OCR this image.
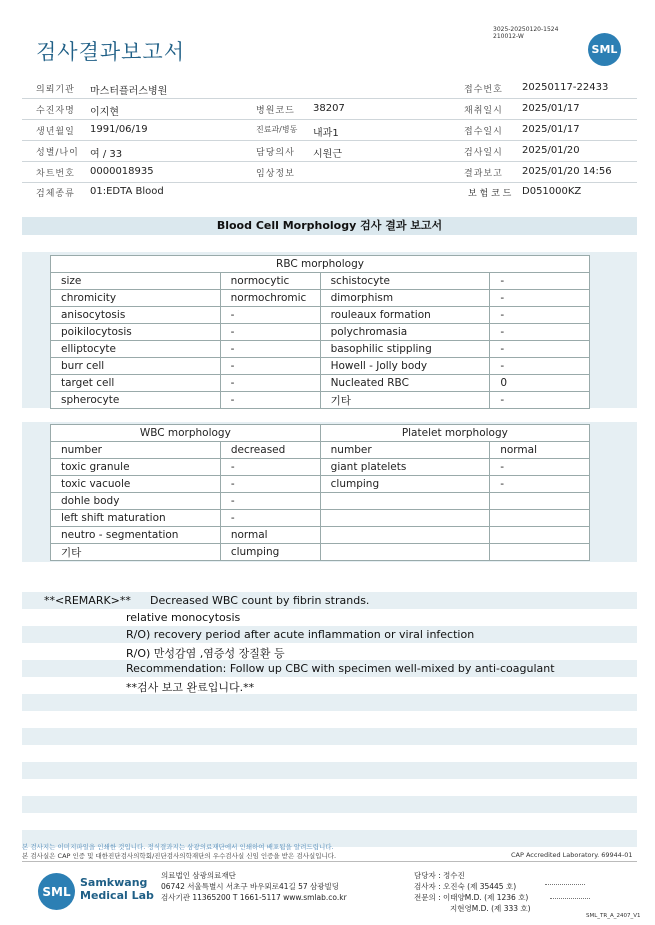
검사결과보고서
3025-20250120-1524
210012-W
SML
의뢰기관 마스터플러스병원	접수번호 20250117-22433
수진자명 이지현	병원코드 38207	채취일시 2025/01/17
생년월일 1991/06/19	진료과/병동 내과1	접수일시 2025/01/17
성별/나이 여 / 33	담당의사 시원근	검사일시 2025/01/20
차트번호 0000018935	임상정보	결과보고 2025/01/20 14:56
검체종류 01:EDTA Blood	보 험 코 드 D051000KZ
Blood Cell Morphology 검사 결과 보고서
RBC morphology			
size	normocytic	schistocyte	-
chromicity	normochromic	dimorphism	-
anisocytosis	-	rouleaux formation	-
poikilocytosis	-	polychromasia	-
elliptocyte	-	basophilic stippling	-
burr cell	-	Howell - Jolly body	-
target cell	-	Nucleated RBC	0
spherocyte	-	기타	-
WBC morphology		Platelet morphology	
number	decreased	number	normal
toxic granule	-	giant platelets	-
toxic vacuole	-	clumping	-
dohle body	-		
left shift maturation	-		
neutro - segmentation	normal		
기타	clumping		
**<REMARK>** Decreased WBC count by fibrin strands.
relative monocytosis
R/O) recovery period after acute inflammation or viral infection
R/O) 만성감염 ,염증성 장질환 등
Recommendation: Follow up CBC with specimen well-mixed by anti-coagulant
**검사 보고 완료입니다.**
본 검사지는 이미지파일을 인쇄한 것입니다. 정식결과지는 삼광의료재단에서 인쇄하여 배포됨을 알려드립니다.
본 검사실은 CAP 인증 및 대한진단검사의학회/진단검사의학재단의 우수검사실 신임 인증을 받은 검사실입니다.	CAP Accredited Laboratory. 69944-01
SML
Samkwang
Medical Lab
의료법인 삼광의료재단
06742 서울특별시 서초구 바우뫼로41길 57 삼광빌딩
검사기관 11365200 T 1661-5117 www.smlab.co.kr
담당자 : 정수진
검사자 : 오진숙 (제 35445 호)
전문의 : 이태양M.D. (제 1236 호)
지현영M.D. (제 333 호)
SML_TR_A_2407_V1
